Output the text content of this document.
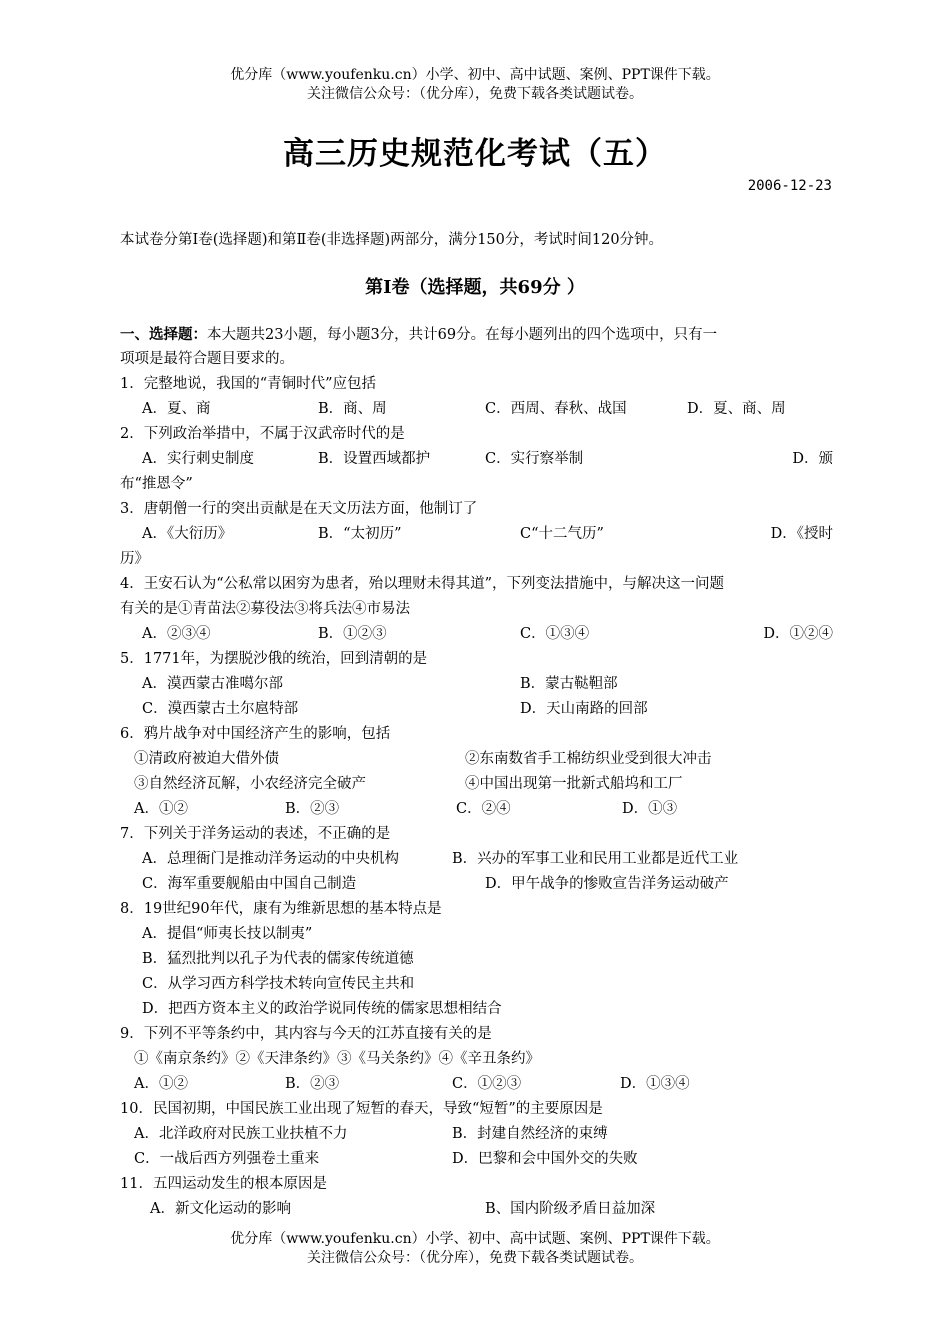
优分库（www.youfenku.cn）小学、初中、高中试题、案例、PPT课件下载。
关注微信公众号：（优分库），免费下载各类试题试卷。
高三历史规范化考试（五）
2006-12-23
本试卷分第Ⅰ卷(选择题)和第Ⅱ卷(非选择题)两部分，满分150分，考试时间120分钟。
第Ⅰ卷（选择题，共69分 ）
一、选择题：本大题共23小题，每小题3分，共计69分。在每小题列出的四个选项中，只有一
项项是最符合题目要求的。
1．完整地说，我国的“青铜时代”应包括
A．夏、商	B．商、周	C．西周、春秋、战国	D．夏、商、周
2．下列政治举措中，不属于汉武帝时代的是
A．实行刺史制度	B．设置西域都护	C．实行察举制	D．颁
布“推恩令”
3．唐朝僧一行的突出贡献是在天文历法方面，他制订了
A．《大衍历》	B．“太初历”	C“十二气历”	D．《授时
历》
4．王安石认为“公私常以困穷为患者，殆以理财未得其道”，下列变法措施中，与解决这一问题
有关的是①青苗法②募役法③将兵法④市易法
A．②③④	B．①②③	C．①③④	D．①②④
5．1771年，为摆脱沙俄的统治，回到清朝的是
A．漠西蒙古准噶尔部	B．蒙古鞑靼部
C．漠西蒙古土尔扈特部	D．天山南路的回部
6．鸦片战争对中国经济产生的影响，包括
①清政府被迫大借外债	②东南数省手工棉纺织业受到很大冲击
③自然经济瓦解，小农经济完全破产	④中国出现第一批新式船坞和工厂
A．①②	B．②③	C．②④	D．①③
7．下列关于洋务运动的表述，不正确的是
A．总理衙门是推动洋务运动的中央机构	B．兴办的军事工业和民用工业都是近代工业
C．海军重要舰船由中国自己制造	D．甲午战争的惨败宣告洋务运动破产
8．19世纪90年代，康有为维新思想的基本特点是
A．提倡“师夷长技以制夷”
B．猛烈批判以孔子为代表的儒家传统道德
C．从学习西方科学技术转向宣传民主共和
D．把西方资本主义的政治学说同传统的儒家思想相结合
9．下列不平等条约中，其内容与今天的江苏直接有关的是
①《南京条约》②《天津条约》③《马关条约》④《辛丑条约》
A．①②	B．②③	C．①②③	D．①③④
10．民国初期，中国民族工业出现了短暂的春天，导致“短暂”的主要原因是
A．北洋政府对民族工业扶植不力	B．封建自然经济的束缚
C．一战后西方列强卷土重来	D．巴黎和会中国外交的失败
11．五四运动发生的根本原因是
A．新文化运动的影响	B、国内阶级矛盾日益加深
优分库（www.youfenku.cn）小学、初中、高中试题、案例、PPT课件下载。
关注微信公众号：（优分库），免费下载各类试题试卷。
